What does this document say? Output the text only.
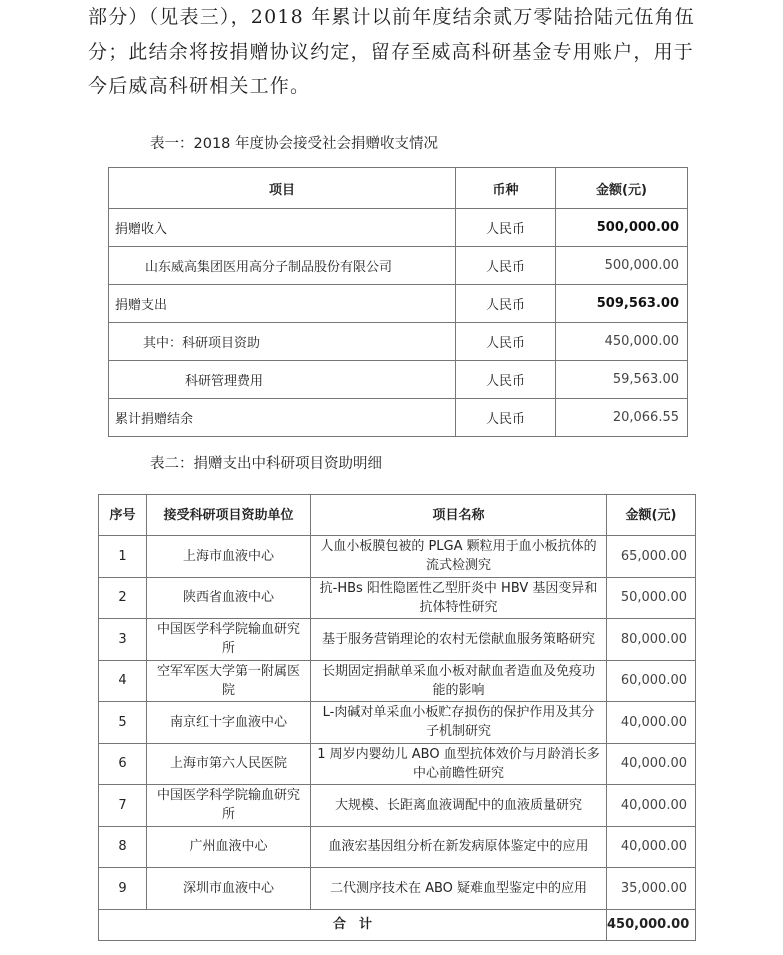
部分）（见表三），2018 年累计以前年度结余贰万零陆拾陆元伍角伍
分；此结余将按捐赠协议约定，留存至威高科研基金专用账户，用于
今后威高科研相关工作。
表一：2018 年度协会接受社会捐赠收支情况
项目	币种	金额(元)
捐赠收入	人民币	500,000.00
山东威高集团医用高分子制品股份有限公司	人民币	500,000.00
捐赠支出	人民币	509,563.00
其中：科研项目资助	人民币	450,000.00
科研管理费用	人民币	59,563.00
累计捐赠结余	人民币	20,066.55
表二：捐赠支出中科研项目资助明细
序号	接受科研项目资助单位	项目名称	金额(元)
1	上海市血液中心	人血小板膜包被的 PLGA 颗粒用于血小板抗体的流式检测究	65,000.00
2	陕西省血液中心	抗-HBs 阳性隐匿性乙型肝炎中 HBV 基因变异和抗体特性研究	50,000.00
3	中国医学科学院输血研究所	基于服务营销理论的农村无偿献血服务策略研究	80,000.00
4	空军军医大学第一附属医院	长期固定捐献单采血小板对献血者造血及免疫功能的影响	60,000.00
5	南京红十字血液中心	L-肉碱对单采血小板贮存损伤的保护作用及其分子机制研究	40,000.00
6	上海市第六人民医院	1 周岁内婴幼儿 ABO 血型抗体效价与月龄消长多中心前瞻性研究	40,000.00
7	中国医学科学院输血研究所	大规模、长距离血液调配中的血液质量研究	40,000.00
8	广州血液中心	血液宏基因组分析在新发病原体鉴定中的应用	40,000.00
9	深圳市血液中心	二代测序技术在 ABO 疑难血型鉴定中的应用	35,000.00
合　计			450,000.00
